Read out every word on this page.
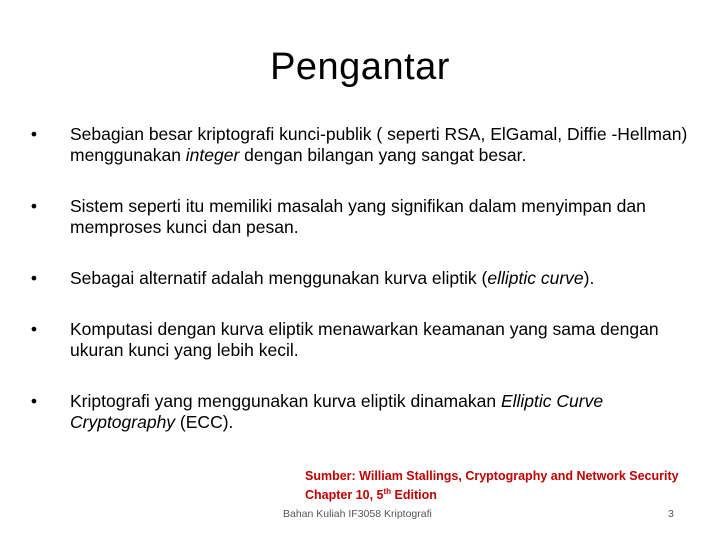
Pengantar
• Sebagian besar kriptografi kunci-publik ( seperti RSA, ElGamal, Diffie -Hellman) menggunakan integer dengan bilangan yang sangat besar.
• Sistem seperti itu memiliki masalah yang signifikan dalam menyimpan dan memproses kunci dan pesan.
• Sebagai alternatif adalah menggunakan kurva eliptik (elliptic curve).
• Komputasi dengan kurva eliptik menawarkan keamanan yang sama dengan ukuran kunci yang lebih kecil.
• Kriptografi yang menggunakan kurva eliptik dinamakan Elliptic Curve Cryptography (ECC).
Sumber: William Stallings, Cryptography and Network Security
Chapter 10, 5th Edition
Bahan Kuliah IF3058 Kriptografi	3
